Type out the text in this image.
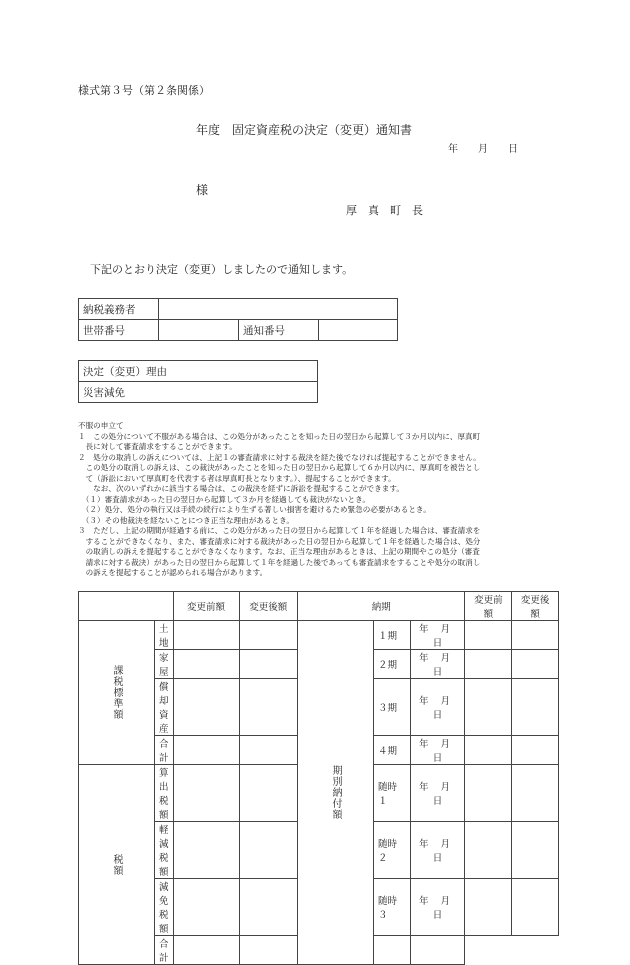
様式第３号（第２条関係）
年度　固定資産税の決定（変更）通知書
年　　月　　日
様
厚　真　町　長
下記のとおり決定（変更）しましたので通知します。
納税義務者			
世帯番号		通知番号	
決定（変更）理由
災害減免
不服の申立て
１　この処分について不服がある場合は、この処分があったことを知った日の翌日から起算して３か月以内に、厚真町
　長に対して審査請求をすることができます。
２　処分の取消しの訴えについては、上記１の審査請求に対する裁決を経た後でなければ提起することができません。
　この処分の取消しの訴えは、この裁決があったことを知った日の翌日から起算して６か月以内に、厚真町を被告とし
　て（訴訟において厚真町を代表する者は厚真町長となります。）、提起することができます。
　　なお、次のいずれかに該当する場合は、この裁決を経ずに訴訟を提起することができます。
　（１）審査請求があった日の翌日から起算して３か月を経過しても裁決がないとき。
　（２）処分、処分の執行又は手続の続行により生ずる著しい損害を避けるため緊急の必要があるとき。
　（３）その他裁決を経ないことにつき正当な理由があるとき。
３　ただし、上記の期間が経過する前に、この処分があった日の翌日から起算して１年を経過した場合は、審査請求を
　することができなくなり、また、審査請求に対する裁決があった日の翌日から起算して１年を経過した場合は、処分
　の取消しの訴えを提起することができなくなります。なお、正当な理由があるときは、上記の期間やこの処分（審査
　請求に対する裁決）があった日の翌日から起算して１年を経過した後であっても審査請求をすることや処分の取消し
　の訴えを提起することが認められる場合があります。
		変更前額	変更後額	納期			変更前額	変更後額
課税標準額	土地			期別納付額	１期	年 月日		
	家屋				２期	年 月日		
	償却資産				３期	年 月日		
	合計				４期	年 月日		
税額	算出税額				随時１	年 月日		
	軽減税額				随時２	年 月日		
	減免税額				随時３	年 月日		
	合計							
